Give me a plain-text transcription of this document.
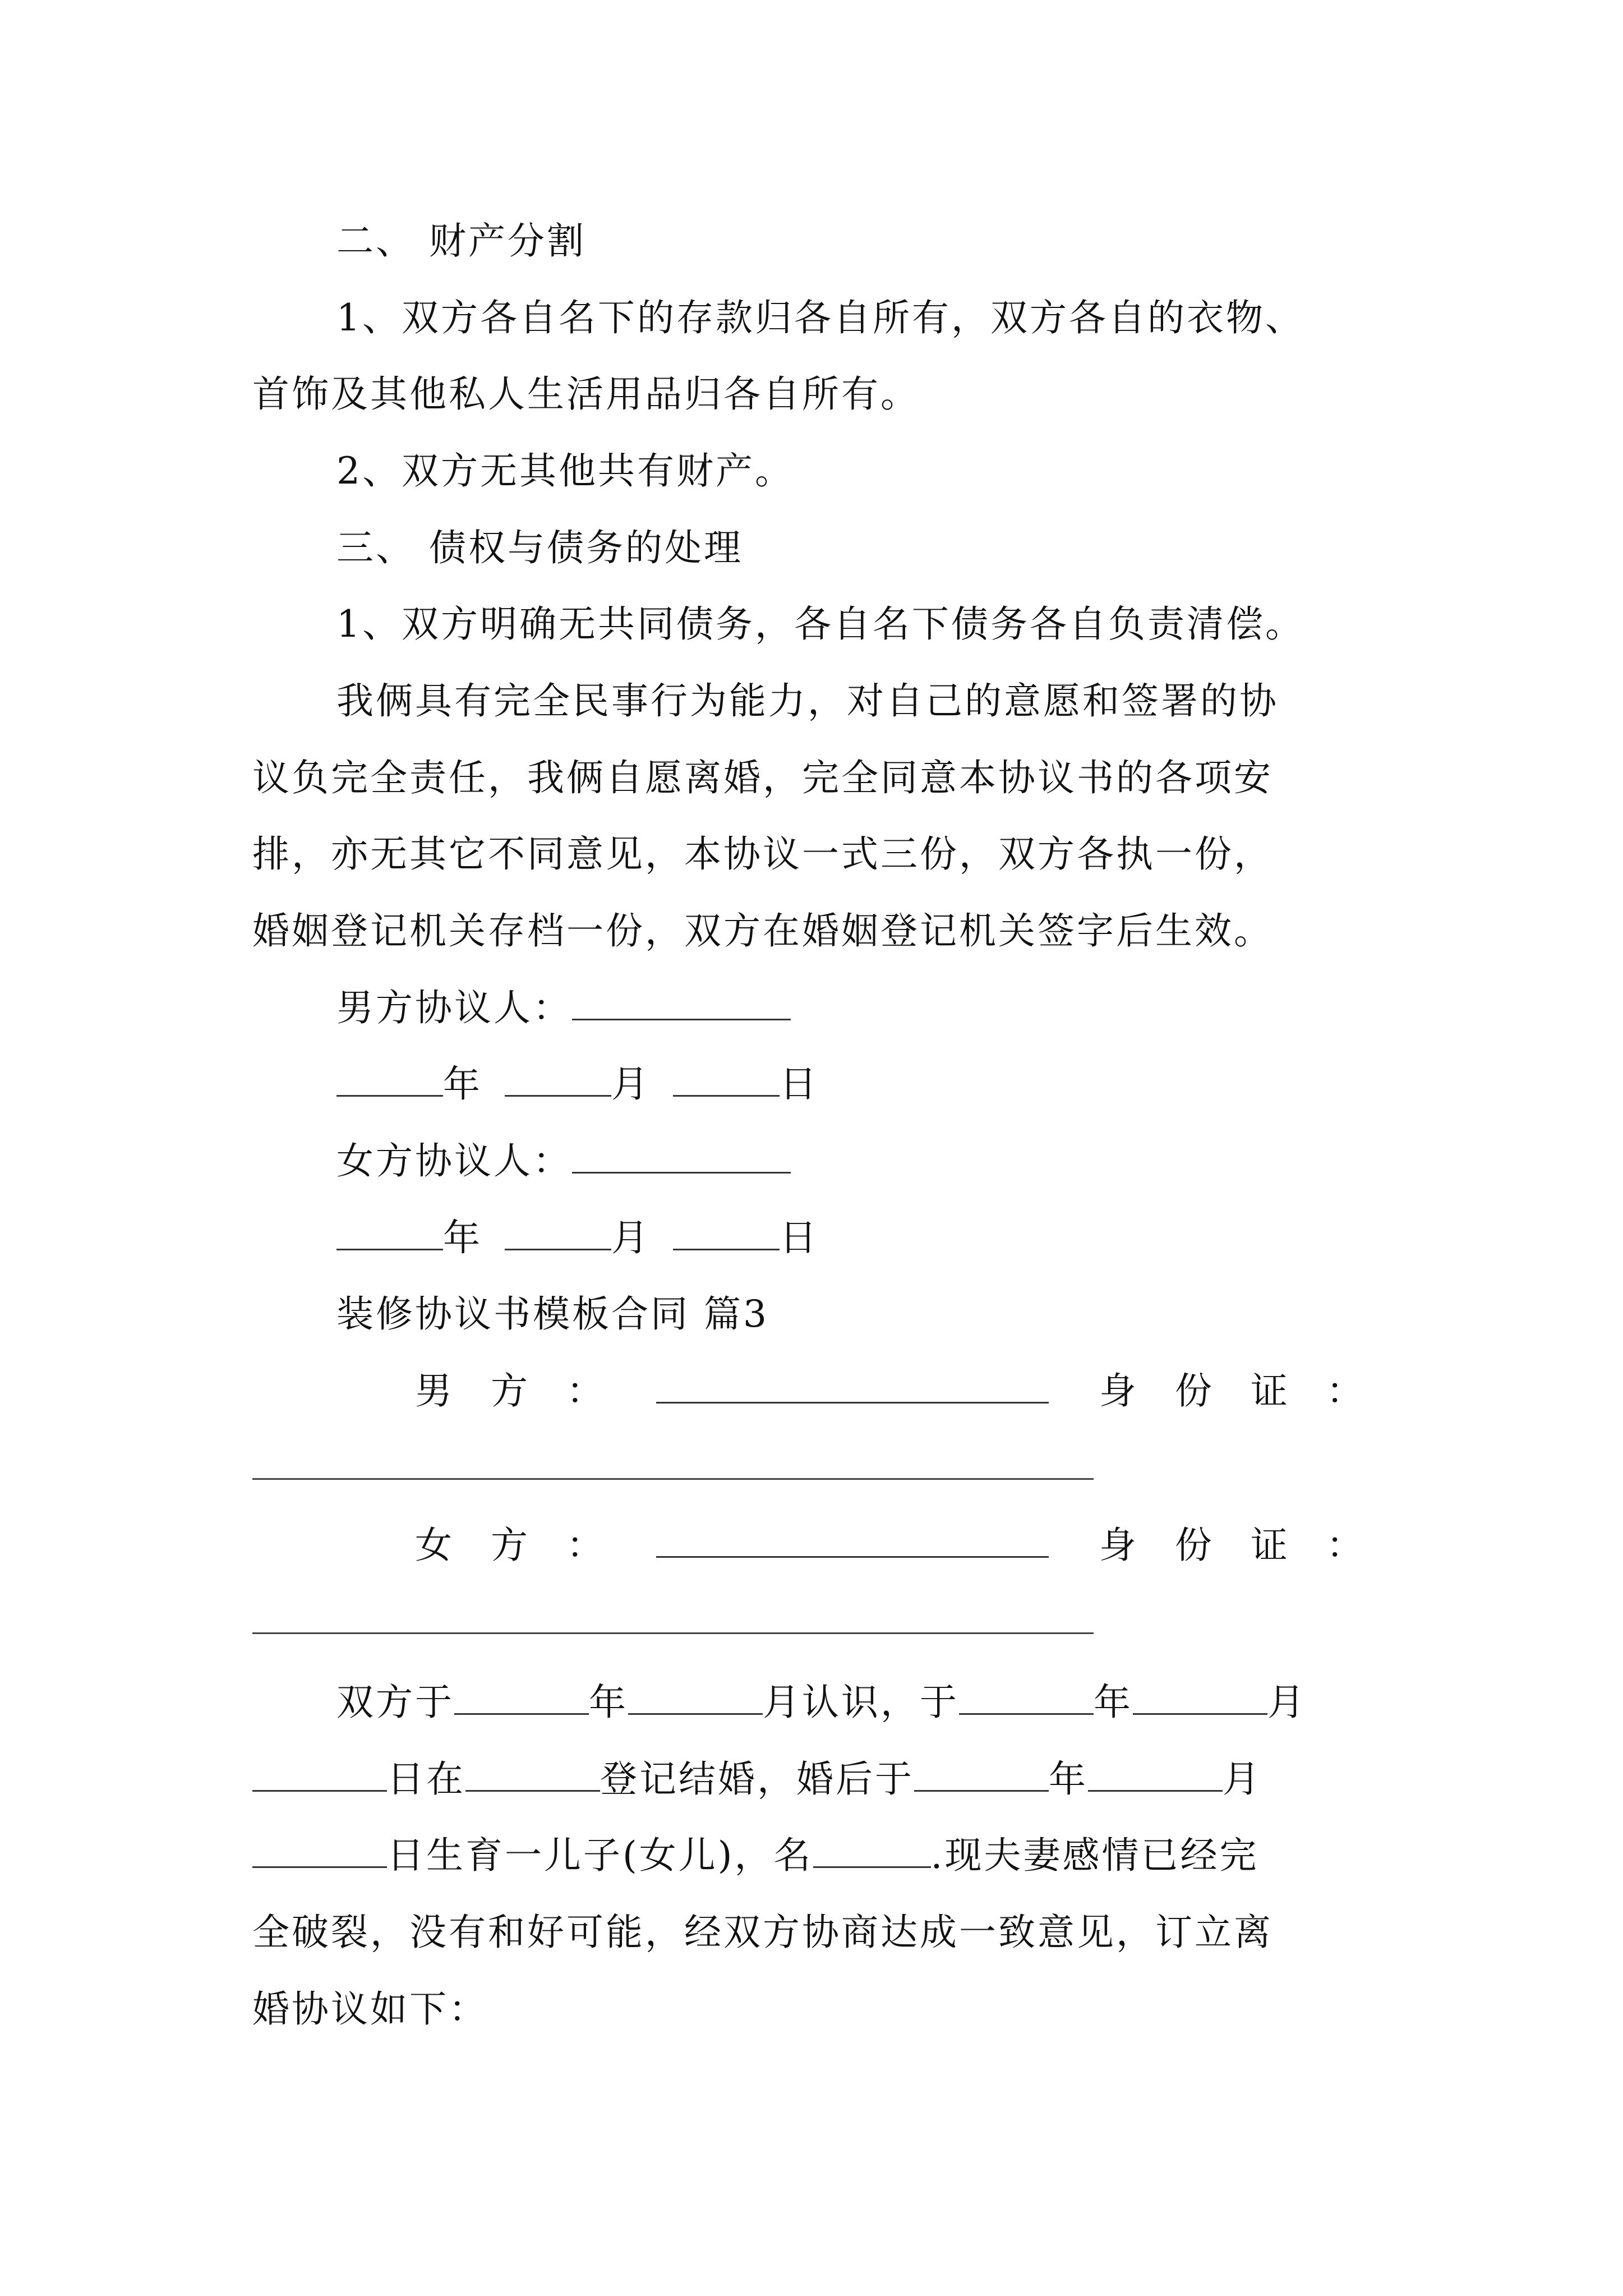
二、 财产分割
1、双方各自名下的存款归各自所有，双方各自的衣物、
首饰及其他私人生活用品归各自所有。
2、双方无其他共有财产。
三、 债权与债务的处理
1、双方明确无共同债务，各自名下债务各自负责清偿。
我俩具有完全民事行为能力，对自己的意愿和签署的协
议负完全责任，我俩自愿离婚，完全同意本协议书的各项安
排，亦无其它不同意见，本协议一式三份，双方各执一份，
婚姻登记机关存档一份，双方在婚姻登记机关签字后生效。
男方协议人：
年	月	日
女方协议人：
年	月	日
装修协议书模板合同 篇3
男 方 ：	身 份 证 ：
女 方 ：	身 份 证 ：
双方于	年	月认识，于	年	月
日在	登记结婚，婚后于	年	月
日生育一儿子(女儿)，名	.现夫妻感情已经完
全破裂，没有和好可能，经双方协商达成一致意见，订立离
婚协议如下：
